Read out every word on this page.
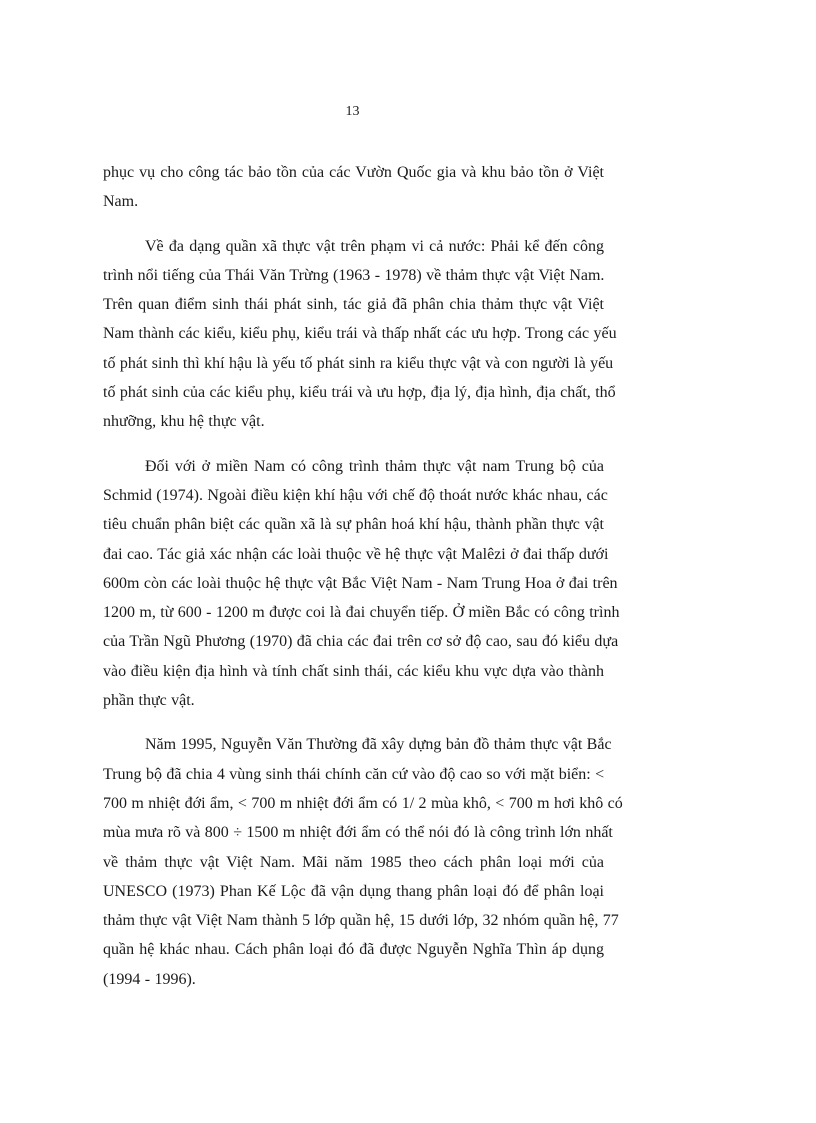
13

phục vụ cho công tác bảo tồn của các Vườn Quốc gia và khu bảo tồn ở Việt
Nam.

Về đa dạng quần xã thực vật trên phạm vi cả nước: Phải kể đến công
trình nổi tiếng của Thái Văn Trừng (1963 - 1978) về thảm thực vật Việt Nam.
Trên quan điểm sinh thái phát sinh, tác giả đã phân chia thảm thực vật Việt
Nam thành các kiểu, kiểu phụ, kiểu trái và thấp nhất các ưu hợp. Trong các yếu
tố phát sinh thì khí hậu là yếu tố phát sinh ra kiểu thực vật và con người là yếu
tố phát sinh của các kiểu phụ, kiểu trái và ưu hợp, địa lý, địa hình, địa chất, thổ
nhưỡng, khu hệ thực vật.

Đối với ở miền Nam có công trình thảm thực vật nam Trung bộ của
Schmid (1974). Ngoài điều kiện khí hậu với chế độ thoát nước khác nhau, các
tiêu chuẩn phân biệt các quần xã là sự phân hoá khí hậu, thành phần thực vật
đai cao. Tác giả xác nhận các loài thuộc về hệ thực vật Malêzi ở đai thấp dưới
600m còn các loài thuộc hệ thực vật Bắc Việt Nam - Nam Trung Hoa ở đai trên
1200 m, từ 600 - 1200 m được coi là đai chuyển tiếp. Ở miền Bắc có công trình
của Trần Ngũ Phương (1970) đã chia các đai trên cơ sở độ cao, sau đó kiểu dựa
vào điều kiện địa hình và tính chất sinh thái, các kiểu khu vực dựa vào thành
phần thực vật.

Năm 1995, Nguyễn Văn Thường đã xây dựng bản đồ thảm thực vật Bắc
Trung bộ đã chia 4 vùng sinh thái chính căn cứ vào độ cao so với mặt biển: <
700 m nhiệt đới ẩm, < 700 m nhiệt đới ẩm có 1/ 2 mùa khô, < 700 m hơi khô có
mùa mưa rõ và 800 ÷ 1500 m nhiệt đới ẩm có thể nói đó là công trình lớn nhất
về thảm thực vật Việt Nam. Mãi năm 1985 theo cách phân loại mới của
UNESCO (1973) Phan Kế Lộc đã vận dụng thang phân loại đó để phân loại
thảm thực vật Việt Nam thành 5 lớp quần hệ, 15 dưới lớp, 32 nhóm quần hệ, 77
quần hệ khác nhau. Cách phân loại đó đã được Nguyễn Nghĩa Thìn áp dụng
(1994 - 1996).
